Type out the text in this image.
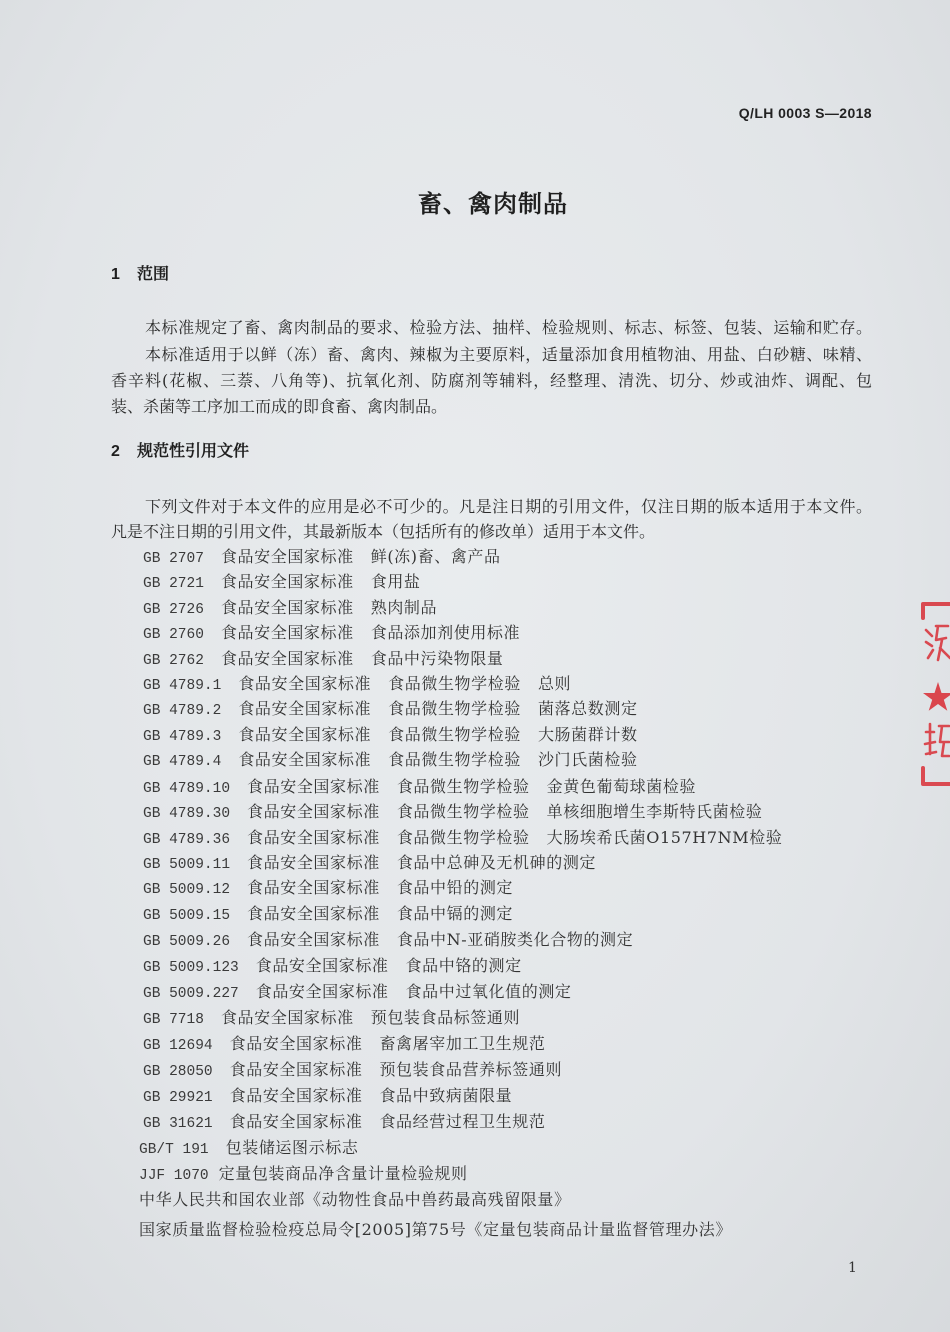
Q/LH 0003 S—2018
畜、禽肉制品
1 范围
本标准规定了畜、禽肉制品的要求、检验方法、抽样、检验规则、标志、标签、包装、运输和贮存。
本标准适用于以鲜（冻）畜、禽肉、辣椒为主要原料，适量添加食用植物油、用盐、白砂糖、味精、
香辛料(花椒、三萘、八角等)、抗氧化剂、防腐剂等辅料，经整理、清洗、切分、炒或油炸、调配、包
装、杀菌等工序加工而成的即食畜、禽肉制品。
2 规范性引用文件
下列文件对于本文件的应用是必不可少的。凡是注日期的引用文件，仅注日期的版本适用于本文件。
凡是不注日期的引用文件，其最新版本（包括所有的修改单）适用于本文件。
GB 2707 食品安全国家标准 鲜(冻)畜、禽产品
GB 2721 食品安全国家标准 食用盐
GB 2726 食品安全国家标准 熟肉制品
GB 2760 食品安全国家标准 食品添加剂使用标准
GB 2762 食品安全国家标准 食品中污染物限量
GB 4789.1 食品安全国家标准 食品微生物学检验 总则
GB 4789.2 食品安全国家标准 食品微生物学检验 菌落总数测定
GB 4789.3 食品安全国家标准 食品微生物学检验 大肠菌群计数
GB 4789.4 食品安全国家标准 食品微生物学检验 沙门氏菌检验
GB 4789.10 食品安全国家标准 食品微生物学检验 金黄色葡萄球菌检验
GB 4789.30 食品安全国家标准 食品微生物学检验 单核细胞增生李斯特氏菌检验
GB 4789.36 食品安全国家标准 食品微生物学检验 大肠埃希氏菌O157H7NM检验
GB 5009.11 食品安全国家标准 食品中总砷及无机砷的测定
GB 5009.12 食品安全国家标准 食品中铅的测定
GB 5009.15 食品安全国家标准 食品中镉的测定
GB 5009.26 食品安全国家标准 食品中N-亚硝胺类化合物的测定
GB 5009.123 食品安全国家标准 食品中铬的测定
GB 5009.227 食品安全国家标准 食品中过氧化值的测定
GB 7718 食品安全国家标准 预包装食品标签通则
GB 12694 食品安全国家标准 畜禽屠宰加工卫生规范
GB 28050 食品安全国家标准 预包装食品营养标签通则
GB 29921 食品安全国家标准 食品中致病菌限量
GB 31621 食品安全国家标准 食品经营过程卫生规范
GB/T 191 包装储运图示标志
JJF 1070 定量包装商品净含量计量检验规则
中华人民共和国农业部《动物性食品中兽药最高残留限量》
国家质量监督检验检疫总局令[2005]第75号《定量包装商品计量监督管理办法》
1
